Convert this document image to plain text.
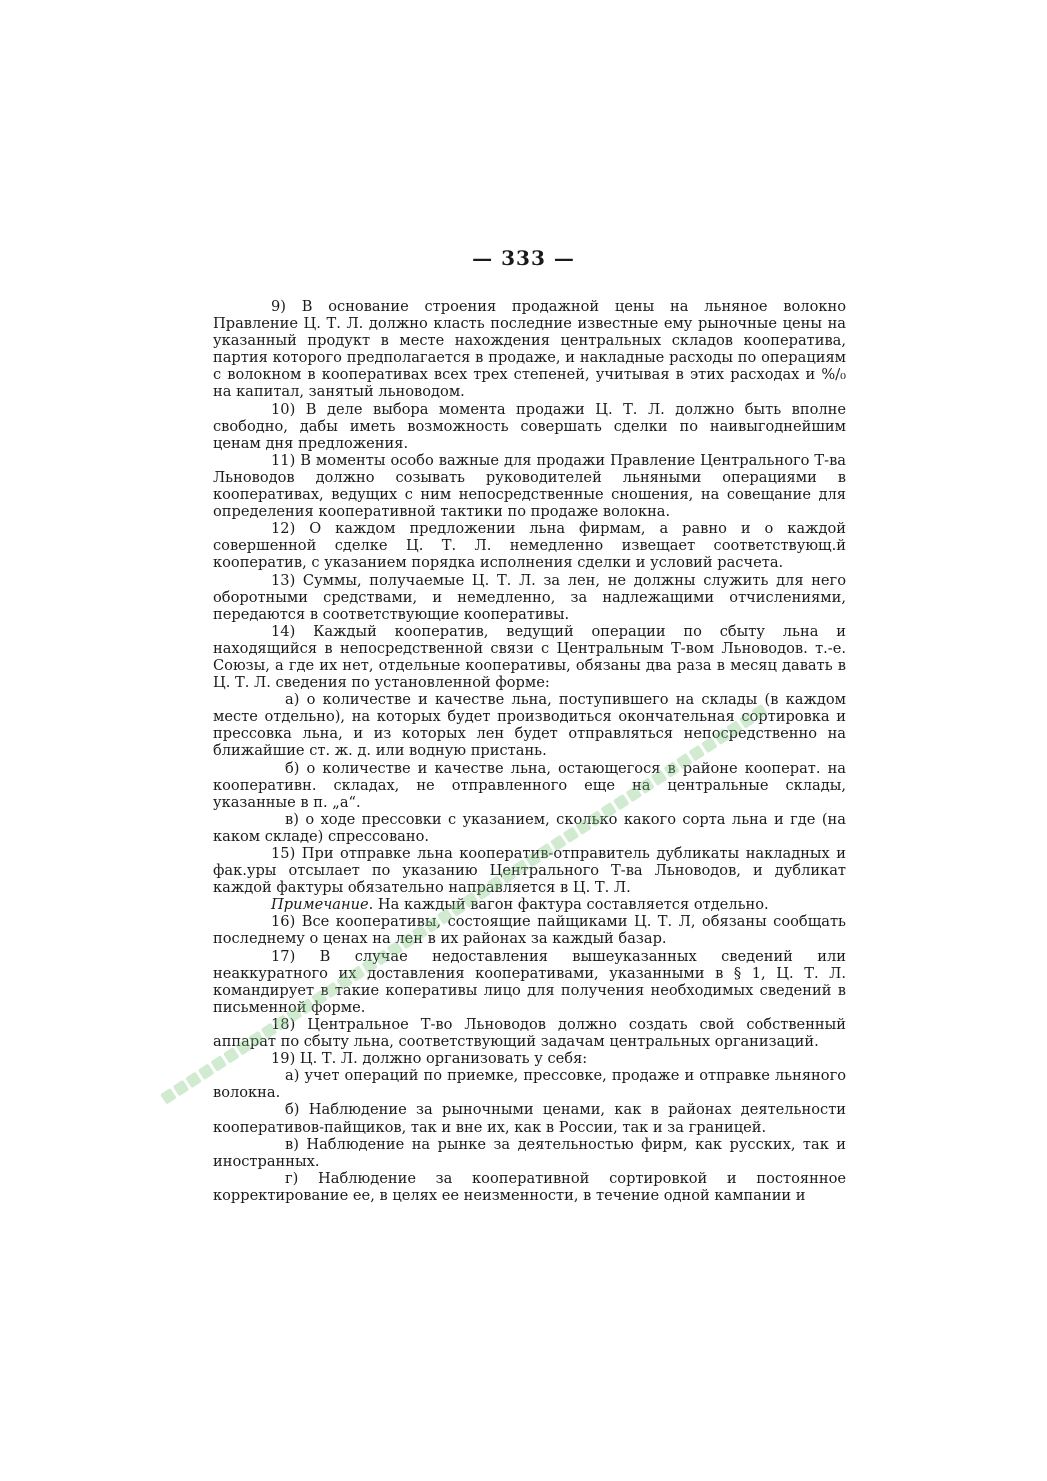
— 333 —

9) В основание строения продажной цены на льняное волокно Правление Ц. Т. Л. должно класть последние известные ему рыночные цены на указанный продукт в месте нахождения центральных складов кооператива, партия которого предполагается в продаже, и накладные расходы по операциям с волокном в кооперативах всех трех степеней, учитывая в этих расходах и %/₀ на капитал, занятый льноводом.

10) В деле выбора момента продажи Ц. Т. Л. должно быть вполне свободно, дабы иметь возможность совершать сделки по наивыгоднейшим ценам дня предложения.

11) В моменты особо важные для продажи Правление Центрального Т-ва Льноводов должно созывать руководителей льняными операциями в кооперативах, ведущих с ним непосредственные сношения, на совещание для определения кооперативной тактики по продаже волокна.

12) О каждом предложении льна фирмам, а равно и о каждой совершенной сделке Ц. Т. Л. немедленно извещает соответствующ.й кооператив, с указанием порядка исполнения сделки и условий расчета.

13) Суммы, получаемые Ц. Т. Л. за лен, не должны служить для него оборотными средствами, и немедленно, за надлежащими отчислениями, передаются в соответствующие кооперативы.

14) Каждый кооператив, ведущий операции по сбыту льна и находящийся в непосредственной связи с Центральным Т-вом Льноводов. т.-е. Союзы, а где их нет, отдельные кооперативы, обязаны два раза в месяц давать в Ц. Т. Л. сведения по установленной форме:

а) о количестве и качестве льна, поступившего на склады (в каждом месте отдельно), на которых будет производиться окончательная сортировка и прессовка льна, и из которых лен будет отправляться непосредственно на ближайшие ст. ж. д. или водную пристань.

б) о количестве и качестве льна, остающегося в районе кооперат. на кооперативн. складах, не отправленного еще на центральные склады, указанные в п. „а“.

в) о ходе прессовки с указанием, сколько какого сорта льна и где (на каком складе) спрессовано.

15) При отправке льна кооператив-отправитель дубликаты накладных и фак.уры отсылает по указанию Центрального Т-ва Льноводов, и дубликат каждой фактуры обязательно направляется в Ц. Т. Л.

Примечание. На каждый вагон фактура составляется отдельно.

16) Все кооперативы, состоящие пайщиками Ц. Т. Л, обязаны сообщать последнему о ценах на лен в их районах за каждый базар.

17) В случае недоставления вышеуказанных сведений или неаккуратного их доставления кооперативами, указанными в § 1, Ц. Т. Л. командирует в такие коперативы лицо для получения необходимых сведений в письменной форме.

18) Центральное Т-во Льноводов должно создать свой собственный аппарат по сбыту льна, соответствующий задачам центральных организаций.

19) Ц. Т. Л. должно организовать у себя:

а) учет операций по приемке, прессовке, продаже и отправке льняного волокна.

б) Наблюдение за рыночными ценами, как в районах деятельности кооперативов-пайщиков, так и вне их, как в России, так и за границей.

в) Наблюдение на рынке за деятельностью фирм, как русских, так и иностранных.

г) Наблюдение за кооперативной сортировкой и постоянное корректирование ее, в целях ее неизменности, в течение одной кампании и
